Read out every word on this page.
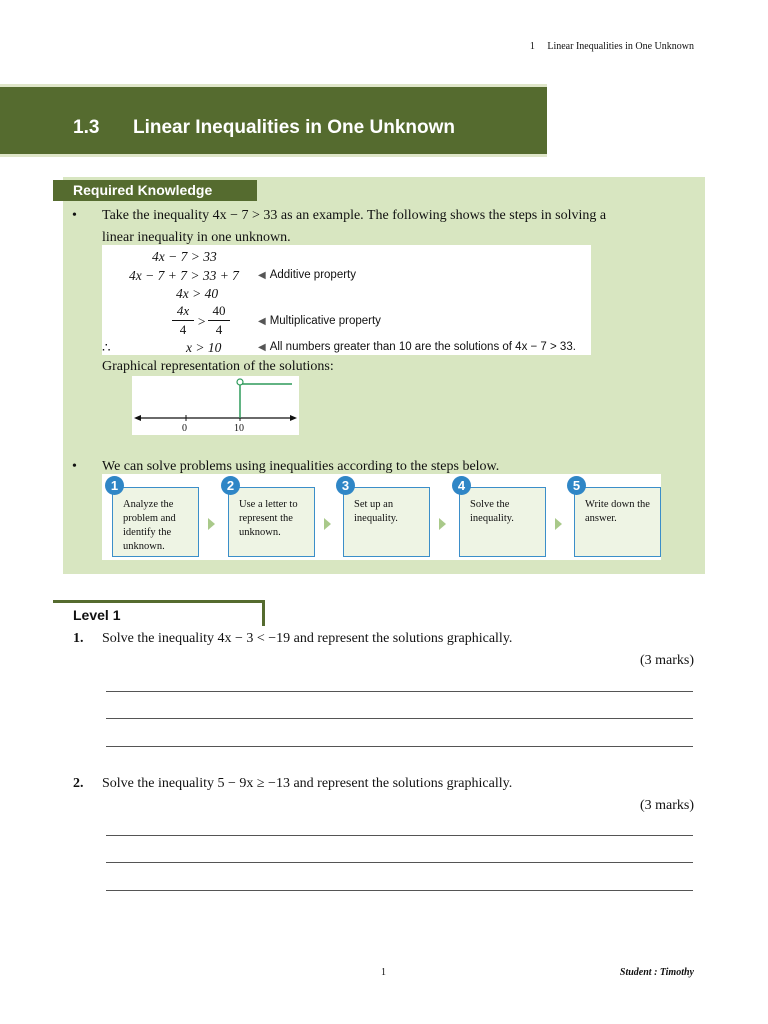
1 Linear Inequalities in One Unknown
1.3 Linear Inequalities in One Unknown
Required Knowledge
• Take the inequality 4x − 7 > 33 as an example. The following shows the steps in solving a
linear inequality in one unknown.
4x − 7 > 33
4x − 7 + 7 > 33 + 7 ◀ Additive property
4x > 40
4x
4
>
40
4
◀ Multiplicative property
∴	x > 10	◀ All numbers greater than 10 are the solutions of 4x − 7 > 33.
Graphical representation of the solutions:
0	10
• We can solve problems using inequalities according to the steps below.
Analyze the problem and identify the unknown.
1
Use a letter to represent the unknown.
2
Set up an inequality.
3
Solve the inequality.
4
Write down the answer.
5
Level 1
1. Solve the inequality 4x − 3 < −19 and represent the solutions graphically.
(3 marks)
2. Solve the inequality 5 − 9x ≥ −13 and represent the solutions graphically.
(3 marks)
1	Student : Timothy
